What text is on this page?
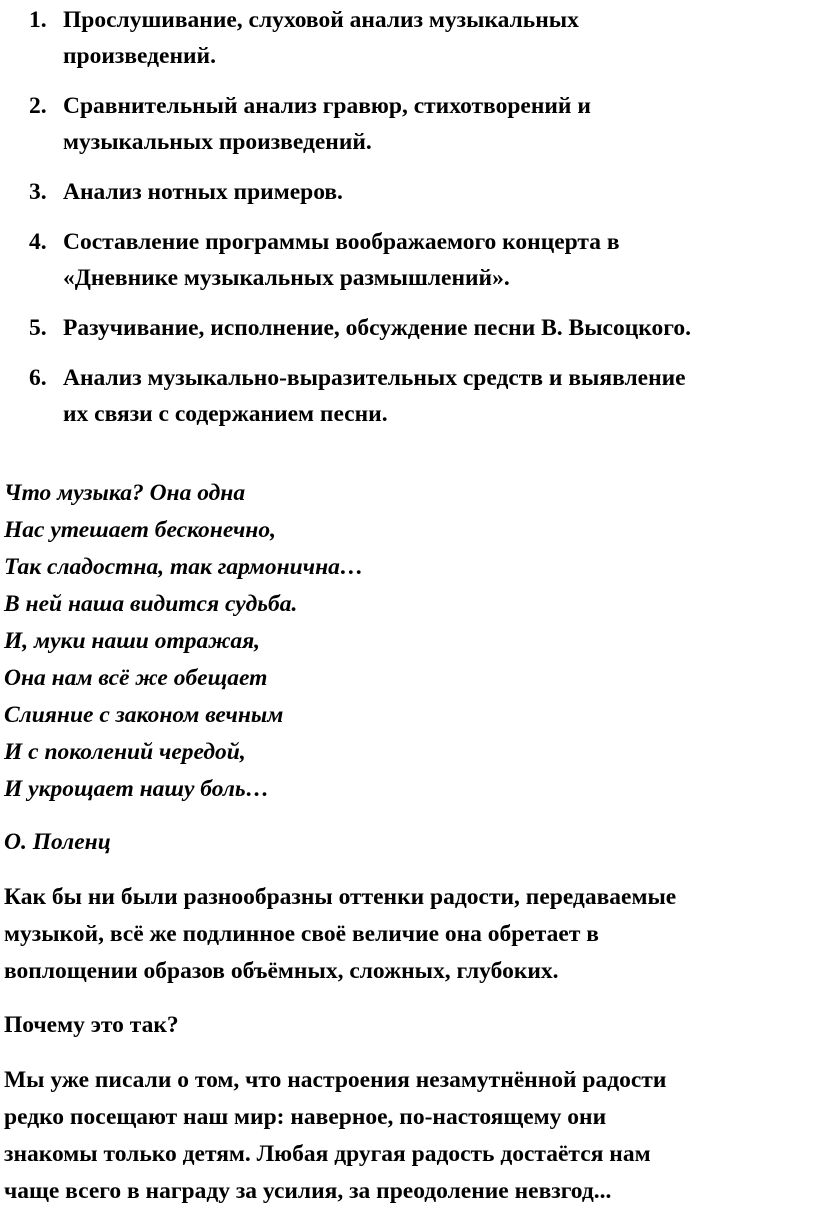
1. Прослушивание, слуховой анализ музыкальных
произведений.
2. Сравнительный анализ гравюр, стихотворений и
музыкальных произведений.
3. Анализ нотных примеров.
4. Составление программы воображаемого концерта в
«Дневнике музыкальных размышлений».
5. Разучивание, исполнение, обсуждение песни В. Высоцкого.
6. Анализ музыкально-выразительных средств и выявление
их связи с содержанием песни.
Что музыка? Она одна
Нас утешает бесконечно,
Так сладостна, так гармонична…
В ней наша видится судьба.
И, муки наши отражая,
Она нам всё же обещает
Слияние с законом вечным
И с поколений чередой,
И укрощает нашу боль…
О. Поленц
Как бы ни были разнообразны оттенки радости, передаваемые
музыкой, всё же подлинное своё величие она обретает в
воплощении образов объёмных, сложных, глубоких.
Почему это так?
Мы уже писали о том, что настроения незамутнённой радости
редко посещают наш мир: наверное, по-настоящему они
знакомы только детям. Любая другая радость достаётся нам
чаще всего в награду за усилия, за преодоление невзгод...
